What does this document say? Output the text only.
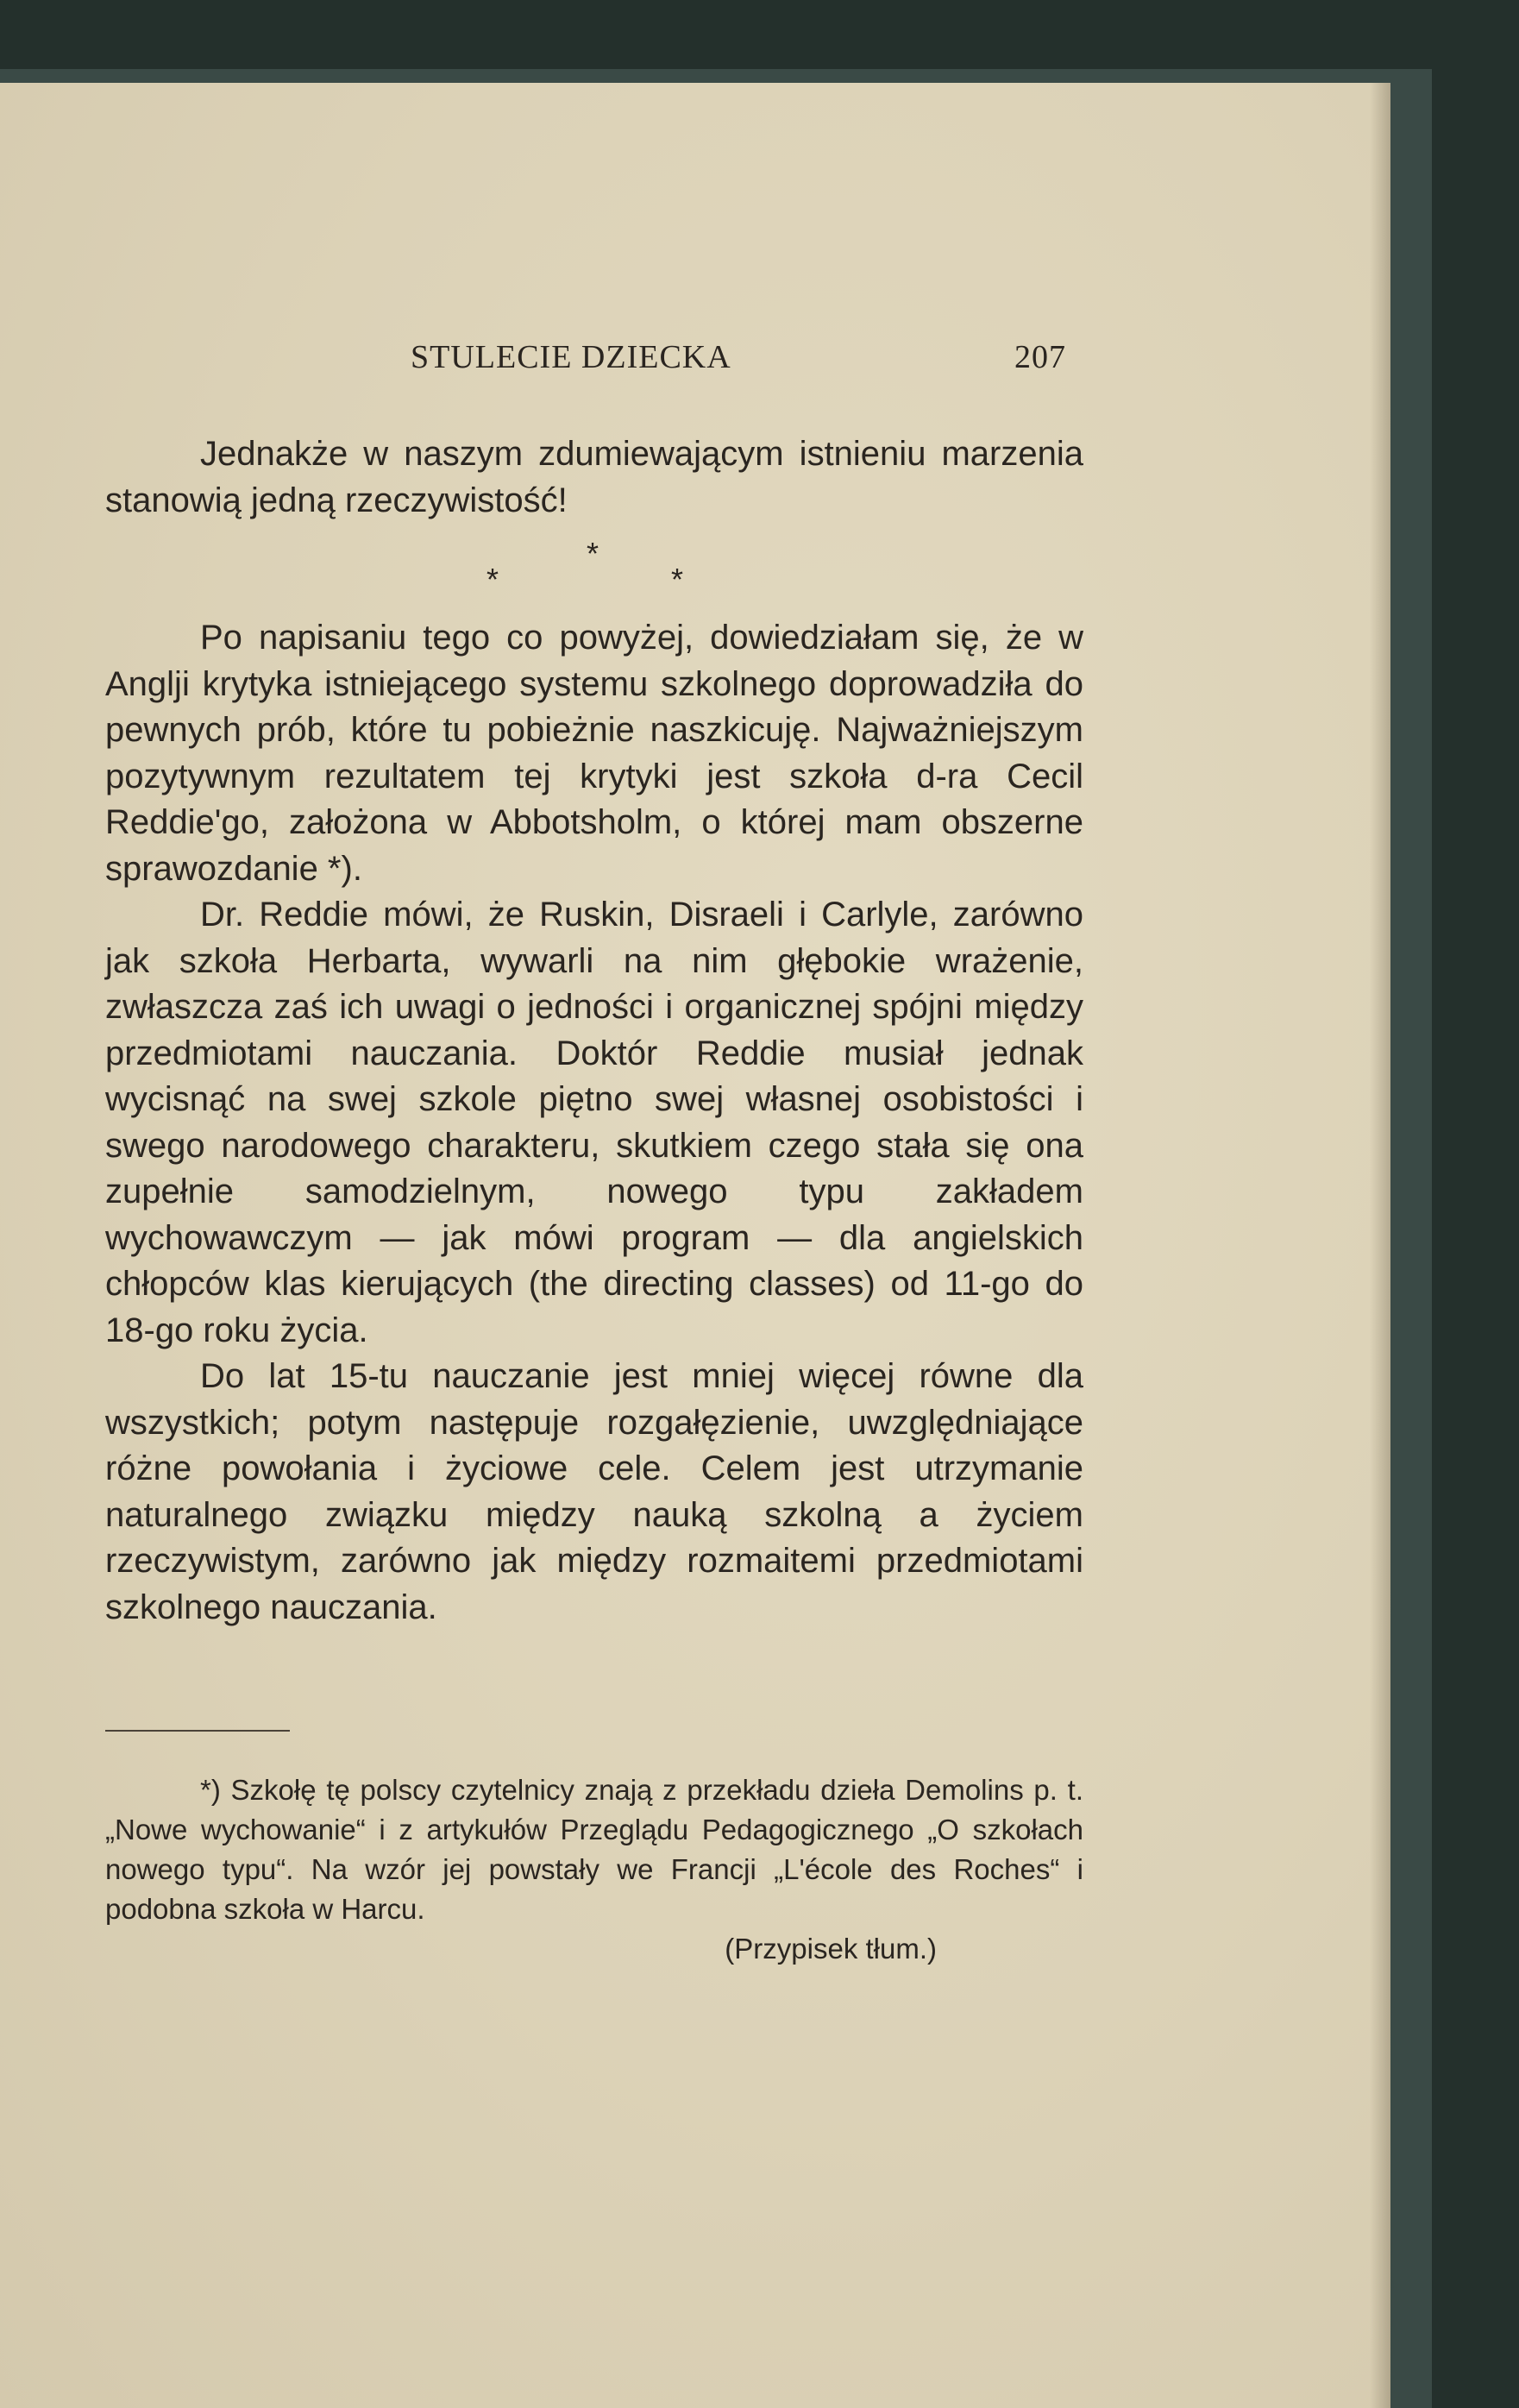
STULECIE DZIECKA	207

Jednakże w naszym zdumiewającym istnieniu marzenia stanowią jedną rzeczywistość!

*
*	*

Po napisaniu tego co powyżej, dowiedziałam się, że w Anglji krytyka istniejącego systemu szkolnego doprowadziła do pewnych prób, które tu pobieżnie naszkicuję. Najważniejszym pozytywnym rezultatem tej krytyki jest szkoła d-ra Cecil Reddie'go, założona w Abbotsholm, o której mam obszerne sprawozdanie *).

Dr. Reddie mówi, że Ruskin, Disraeli i Carlyle, zarówno jak szkoła Herbarta, wywarli na nim głębokie wrażenie, zwłaszcza zaś ich uwagi o jedności i organicznej spójni między przedmiotami nauczania. Doktór Reddie musiał jednak wycisnąć na swej szkole piętno swej własnej osobistości i swego narodowego charakteru, skutkiem czego stała się ona zupełnie samodzielnym, nowego typu zakładem wychowawczym — jak mówi program — dla angielskich chłopców klas kierujących (the directing classes) od 11-go do 18-go roku życia.

Do lat 15-tu nauczanie jest mniej więcej równe dla wszystkich; potym następuje rozgałęzienie, uwzględniające różne powołania i życiowe cele. Celem jest utrzymanie naturalnego związku między nauką szkolną a życiem rzeczywistym, zarówno jak między rozmaitemi przedmiotami szkolnego nauczania.

*) Szkołę tę polscy czytelnicy znają z przekładu dzieła Demolins p. t. „Nowe wychowanie“ i z artykułów Przeglądu Pedagogicznego „O szkołach nowego typu“. Na wzór jej powstały we Francji „L'école des Roches“ i podobna szkoła w Harcu.

(Przypisek tłum.)
